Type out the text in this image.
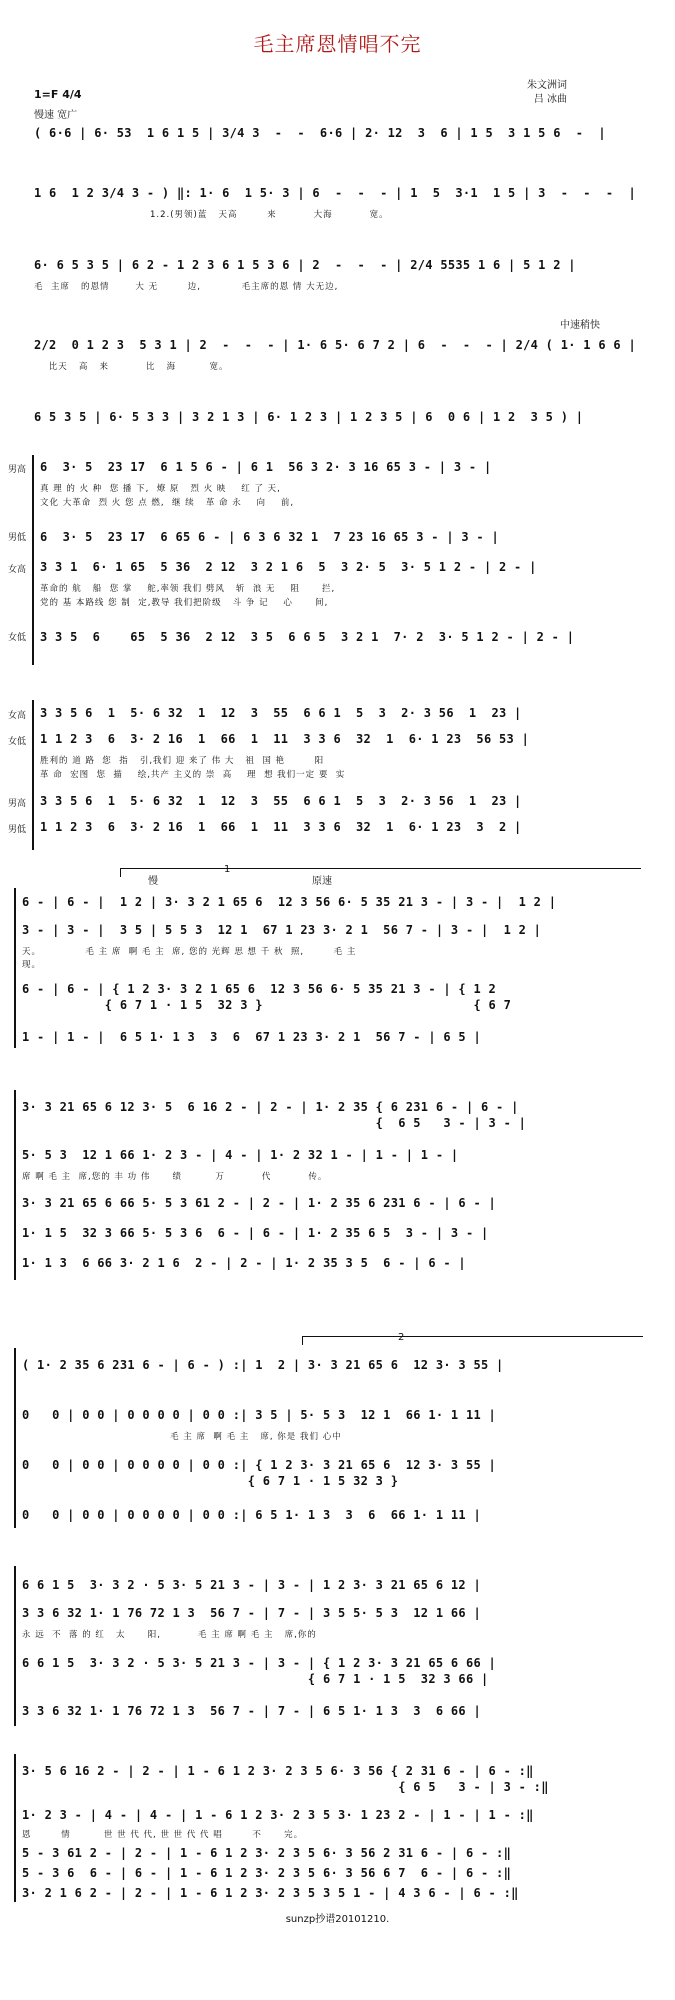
毛主席恩情唱不完
1=F 4/4
朱文洲词
吕 冰曲
慢速 宽广
( 6·6 | 6· 53  1 6 1 5 | 3/4 3  -  -  6·6 | 2· 12  3  6 | 1 5  3 1 5 6  -  |
1 6  1 2 3/4 3 - ) ‖: 1· 6  1 5· 3 | 6  -  -  - | 1  5  3·1  1 5 | 3  -  -  -  |
1.2.(男领)蓝   天高        来          大海          宽。
6· 6 5 3 5 | 6 2 - 1 2 3 6 1 5 3 6 | 2  -  -  - | 2/4 5535 1 6 | 5 1 2 |
毛  主席   的恩情       大 无        边,           毛主席的恩 情 大无边,
中速稍快
2/2  0 1 2 3  5 3 1 | 2  -  -  - | 1· 6 5· 6 7 2 | 6  -  -  - | 2/4 ( 1· 1 6 6 |
比天   高   来          比   海         宽。
6 5 3 5 | 6· 5 3 3 | 3 2 1 3 | 6· 1 2 3 | 1 2 3 5 | 6  0 6 | 1 2  3 5 ) |
男高 6  3· 5  23 17  6 1 5 6 - | 6 1  56 3 2· 3 16 65 3 - | 3 - |
真 理 的 火 种  您 播 下,  燎 原   烈 火 映    红 了 天,
文化 大革命  烈 火 您 点 燃,  继 续   革 命 永    向    前,
男低 6  3· 5  23 17  6 65 6 - | 6 3 6 32 1  7 23 16 65 3 - | 3 - |
女高 3 3 1  6· 1 65  5 36  2 12  3 2 1 6  5  3 2· 5  3· 5 1 2 - | 2 - |
革命的 航   船  您 掌    舵,率领 我们 劈风   斩  浪 无    阻      拦,
党的 基 本路线 您 制  定,教导 我们把阶级   斗 争 记    心      间,
女低 3 3 5  6    65  5 36  2 12  3 5  6 6 5  3 2 1  7· 2  3· 5 1 2 - | 2 - |
女高 3 3 5 6  1  5· 6 32  1  12  3  55  6 6 1  5  3  2· 3 56  1  23 |
女低 1 1 2 3  6  3· 2 16  1  66  1  11  3 3 6  32  1  6· 1 23  56 53 |
胜利的 道 路  您  指   引,我们 迎 来了 伟 大   祖  国 艳        阳
革 命  宏图  您  描    绘,共产 主义的 崇  高    理  想 我们一定 要  实
男高 3 3 5 6  1  5· 6 32  1  12  3  55  6 6 1  5  3  2· 3 56  1  23 |
男低 1 1 2 3  6  3· 2 16  1  66  1  11  3 3 6  32  1  6· 1 23  3  2 |
慢
1
原速
6 - | 6 - |  1 2 | 3· 3 2 1 65 6  12 3 56 6· 5 35 21 3 - | 3 - |  1 2 |
3 - | 3 - |  3 5 | 5 5 3  12 1  67 1 23 3· 2 1  56 7 - | 3 - |  1 2 |
天。            毛 主 席  啊 毛 主  席, 您的 光辉 思 想 千 秋  照,        毛 主
现。
6 - | 6 - | { 1 2 3· 3 2 1 65 6  12 3 56 6· 5 35 21 3 - | { 1 2
{ 6 7 1 · 1 5  32 3 }                            { 6 7
1 - | 1 - |  6 5 1· 1 3  3  6  67 1 23 3· 2 1  56 7 - | 6 5 |
3· 3 21 65 6 12 3· 5  6 16 2 - | 2 - | 1· 2 35 { 6 231 6 - | 6 - |
{  6 5   3 - | 3 - |
5· 5 3  12 1 66 1· 2 3 - | 4 - | 1· 2 32 1 - | 1 - | 1 - |
席 啊 毛 主  席,您的 丰 功 伟      绩         万          代          传。
3· 3 21 65 6 66 5· 5 3 61 2 - | 2 - | 1· 2 35 6 231 6 - | 6 - |
1· 1 5  32 3 66 5· 5 3 6  6 - | 6 - | 1· 2 35 6 5  3 - | 3 - |
1· 1 3  6 66 3· 2 1 6  2 - | 2 - | 1· 2 35 3 5  6 - | 6 - |
2
( 1· 2 35 6 231 6 - | 6 - ) :| 1  2 | 3· 3 21 65 6  12 3· 3 55 |
0   0 | 0 0 | 0 0 0 0 | 0 0 :| 3 5 | 5· 5 3  12 1  66 1· 1 11 |
毛 主 席  啊 毛 主   席, 你是 我们 心中
0   0 | 0 0 | 0 0 0 0 | 0 0 :| { 1 2 3· 3 21 65 6  12 3· 3 55 |
{ 6 7 1 · 1 5 32 3 }
0   0 | 0 0 | 0 0 0 0 | 0 0 :| 6 5 1· 1 3  3  6  66 1· 1 11 |
6 6 1 5  3· 3 2 · 5 3· 5 21 3 - | 3 - | 1 2 3· 3 21 65 6 12 |
3 3 6 32 1· 1 76 72 1 3  56 7 - | 7 - | 3 5 5· 5 3  12 1 66 |
永 远  不  落 的 红   太      阳,          毛 主 席 啊 毛 主   席,你的
6 6 1 5  3· 3 2 · 5 3· 5 21 3 - | 3 - | { 1 2 3· 3 21 65 6 66 |
{ 6 7 1 · 1 5  32 3 66 |
3 3 6 32 1· 1 76 72 1 3  56 7 - | 7 - | 6 5 1· 1 3  3  6 66 |
3· 5 6 16 2 - | 2 - | 1 - 6 1 2 3· 2 3 5 6· 3 56 { 2 31 6 - | 6 - :‖
{ 6 5   3 - | 3 - :‖
1· 2 3 - | 4 - | 4 - | 1 - 6 1 2 3· 2 3 5 3· 1 23 2 - | 1 - | 1 - :‖
恩        情         世 世 代 代, 世 世 代 代 唱        不      完。
5 - 3 61 2 - | 2 - | 1 - 6 1 2 3· 2 3 5 6· 3 56 2 31 6 - | 6 - :‖
5 - 3 6  6 - | 6 - | 1 - 6 1 2 3· 2 3 5 6· 3 56 6 7  6 - | 6 - :‖
3· 2 1 6 2 - | 2 - | 1 - 6 1 2 3· 2 3 5 3 5 1 - | 4 3 6 - | 6 - :‖
sunzp抄谱20101210.
